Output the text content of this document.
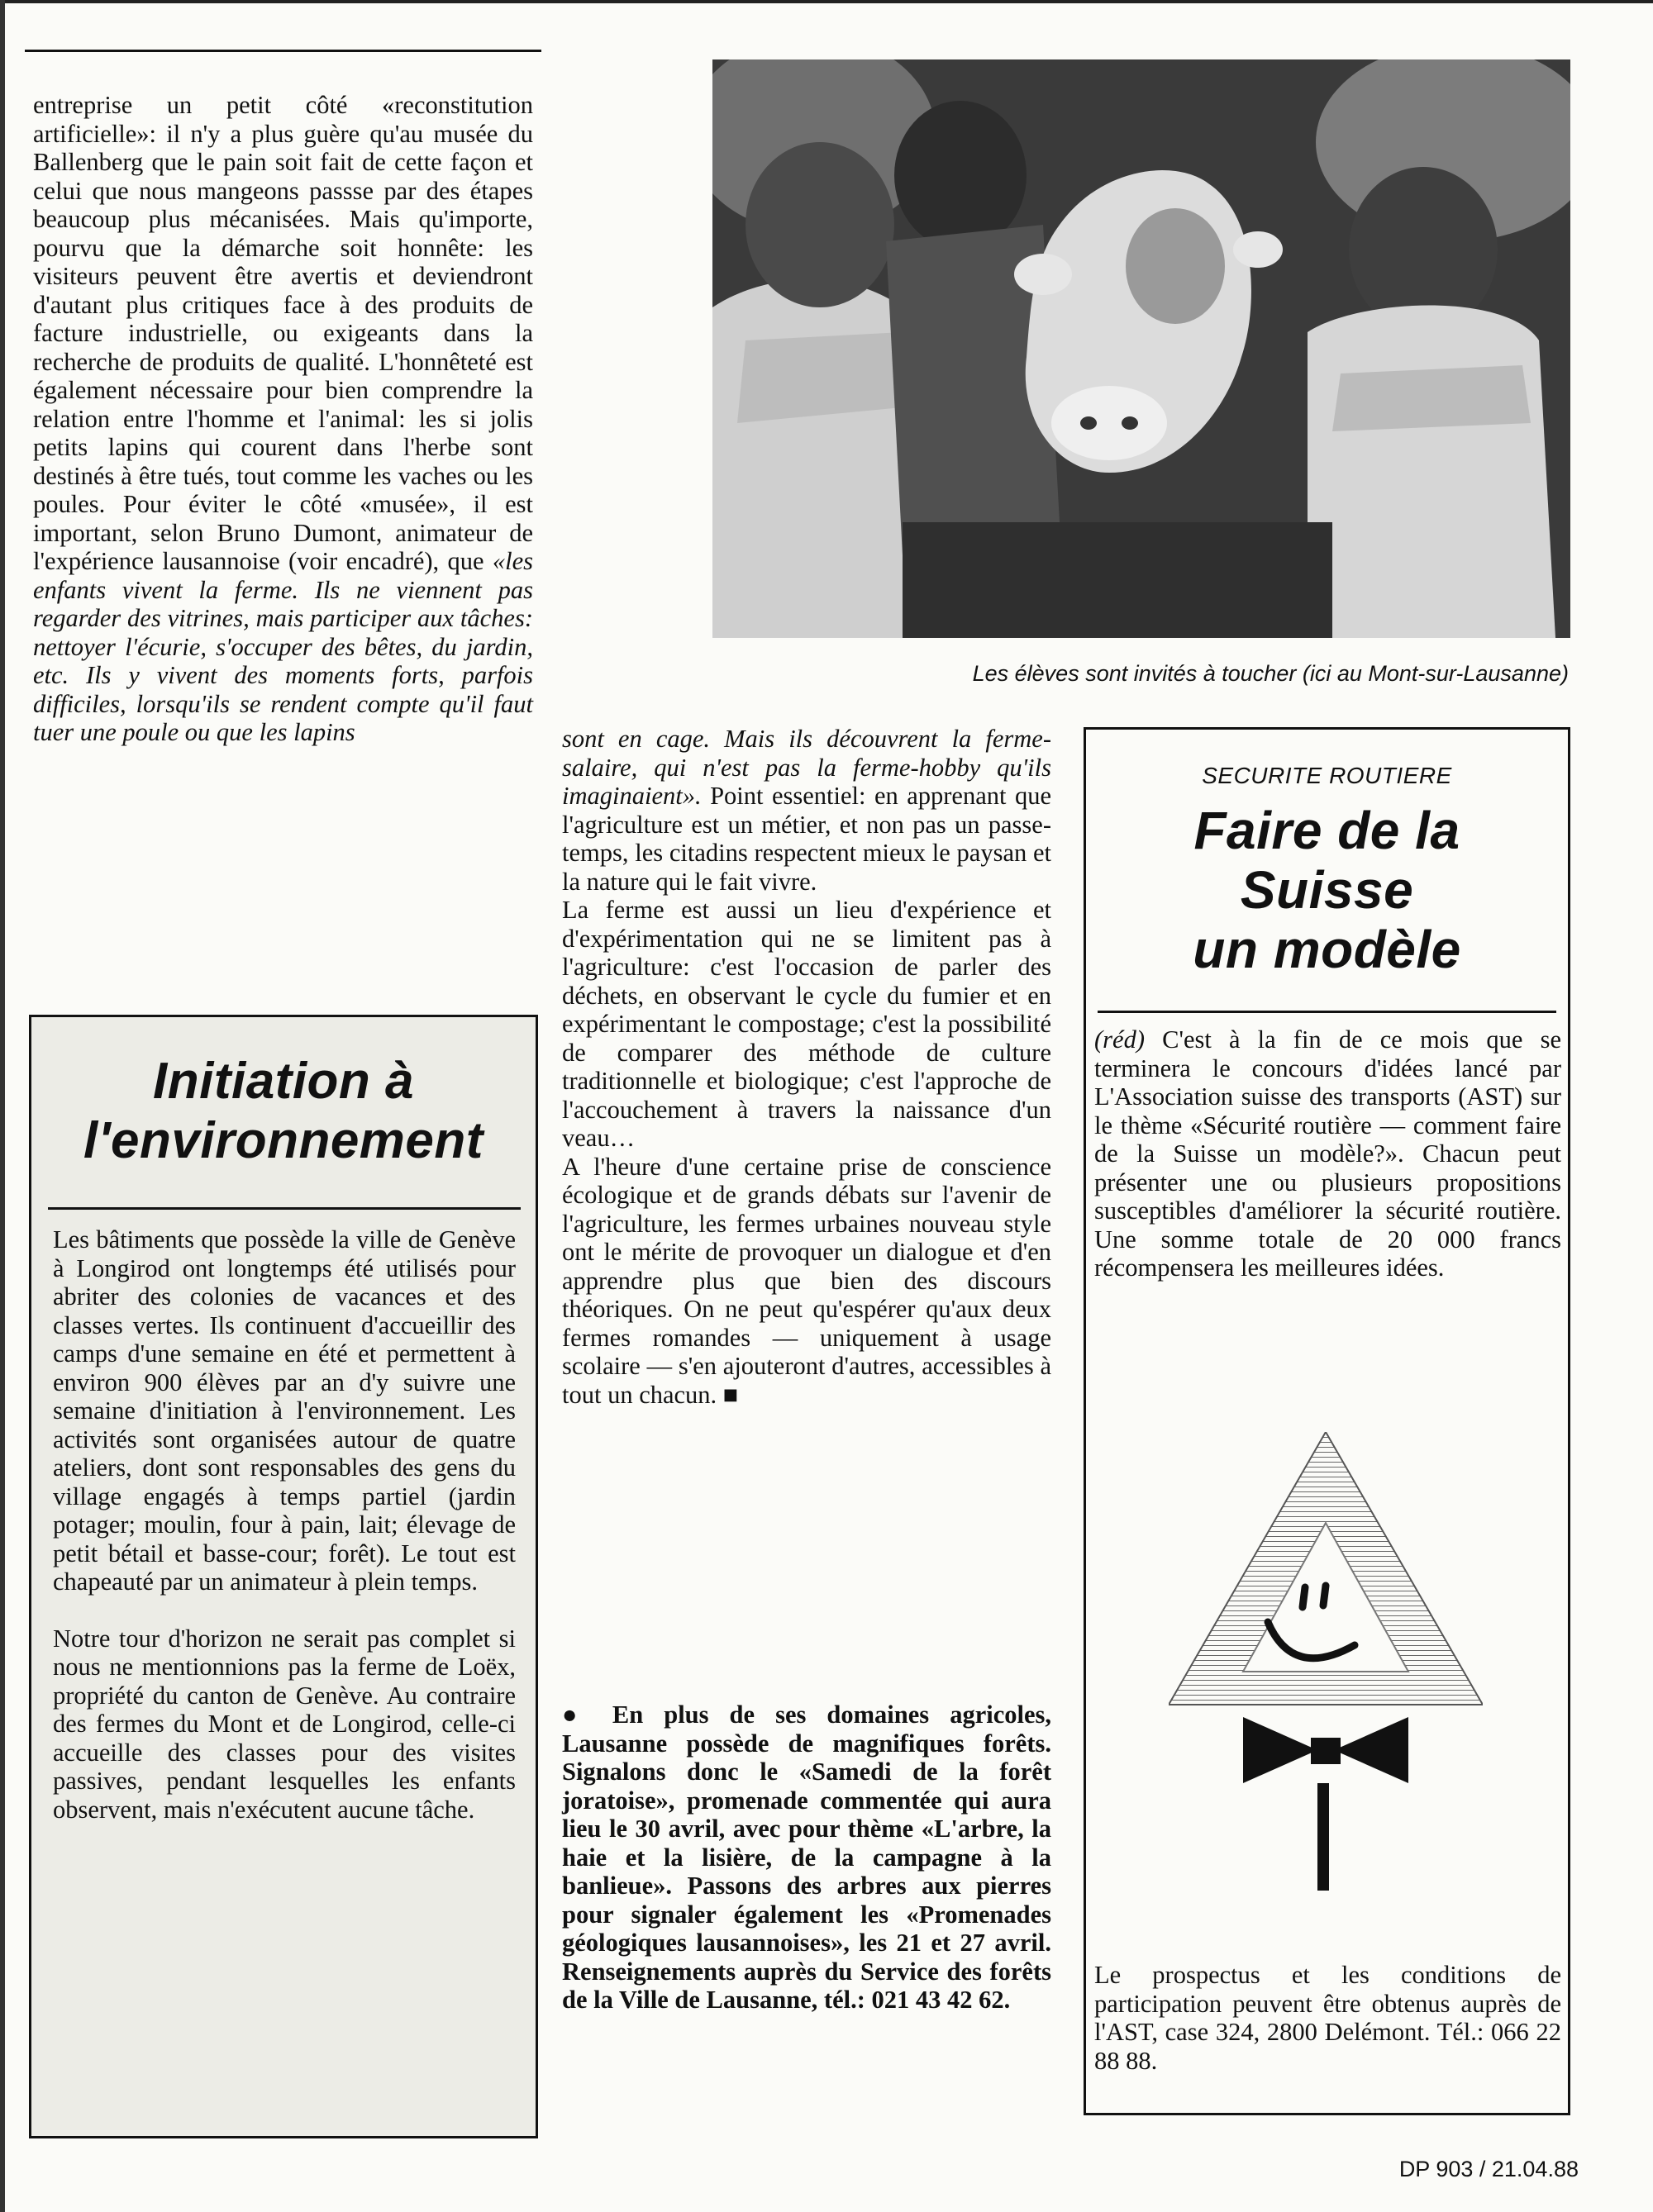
entreprise un petit côté «reconstitution artificielle»: il n'y a plus guère qu'au musée du Ballenberg que le pain soit fait de cette façon et celui que nous mangeons passse par des étapes beaucoup plus mécanisées. Mais qu'importe, pourvu que la démarche soit honnête: les visiteurs peuvent être avertis et deviendront d'autant plus critiques face à des produits de facture industrielle, ou exigeants dans la recherche de produits de qualité. L'honnêteté est également nécessaire pour bien comprendre la relation entre l'homme et l'animal: les si jolis petits lapins qui courent dans l'herbe sont destinés à être tués, tout comme les vaches ou les poules. Pour éviter le côté «musée», il est important, selon Bruno Dumont, animateur de l'expérience lausannoise (voir encadré), que «les enfants vivent la ferme. Ils ne viennent pas regarder des vitrines, mais participer aux tâches: nettoyer l'écurie, s'occuper des bêtes, du jardin, etc. Ils y vivent des moments forts, parfois difficiles, lorsqu'ils se rendent compte qu'il faut tuer une poule ou que les lapins

Les élèves sont invités à toucher (ici au Mont-sur-Lausanne)

sont en cage. Mais ils découvrent la ferme-salaire, qui n'est pas la ferme-hobby qu'ils imaginaient». Point essentiel: en apprenant que l'agriculture est un métier, et non pas un passe-temps, les citadins respectent mieux le paysan et la nature qui le fait vivre.

La ferme est aussi un lieu d'expérience et d'expérimentation qui ne se limitent pas à l'agriculture: c'est l'occasion de parler des déchets, en observant le cycle du fumier et en expérimentant le compostage; c'est la possibilité de comparer des méthode de culture traditionnelle et biologique; c'est l'approche de l'accouchement à travers la naissance d'un veau…

A l'heure d'une certaine prise de conscience écologique et de grands débats sur l'avenir de l'agriculture, les fermes urbaines nouveau style ont le mérite de provoquer un dialogue et d'en apprendre plus que bien des discours théoriques. On ne peut qu'espérer qu'aux deux fermes romandes — uniquement à usage scolaire — s'en ajouteront d'autres, accessibles à tout un chacun. ■

Initiation à
l'environnement

Les bâtiments que possède la ville de Genève à Longirod ont longtemps été utilisés pour abriter des colonies de vacances et des classes vertes. Ils continuent d'accueillir des camps d'une semaine en été et permettent à environ 900 élèves par an d'y suivre une semaine d'initiation à l'environnement. Les activités sont organisées autour de quatre ateliers, dont sont responsables des gens du village engagés à temps partiel (jardin potager; moulin, four à pain, lait; élevage de petit bétail et basse-cour; forêt). Le tout est chapeauté par un animateur à plein temps.

Notre tour d'horizon ne serait pas complet si nous ne mentionnions pas la ferme de Loëx, propriété du canton de Genève. Au contraire des fermes du Mont et de Longirod, celle-ci accueille des classes pour des visites passives, pendant lesquelles les enfants observent, mais n'exécutent aucune tâche.

● En plus de ses domaines agricoles, Lausanne possède de magnifiques forêts. Signalons donc le «Samedi de la forêt joratoise», promenade commentée qui aura lieu le 30 avril, avec pour thème «L'arbre, la haie et la lisière, de la campagne à la banlieue». Passons des arbres aux pierres pour signaler également les «Promenades géologiques lausannoises», les 21 et 27 avril. Renseignements auprès du Service des forêts de la Ville de Lausanne, tél.: 021 43 42 62.
SECURITE ROUTIERE
Faire de la
Suisse
un modèle

(réd) C'est à la fin de ce mois que se terminera le concours d'idées lancé par L'Association suisse des transports (AST) sur le thème «Sécurité routière — comment faire de la Suisse un modèle?». Chacun peut présenter une ou plusieurs propositions susceptibles d'améliorer la sécurité routière. Une somme totale de 20 000 francs récompensera les meilleures idées.

Le prospectus et les conditions de participation peuvent être obtenus auprès de l'AST, case 324, 2800 Delémont. Tél.: 066 22 88 88.

DP 903 / 21.04.88
